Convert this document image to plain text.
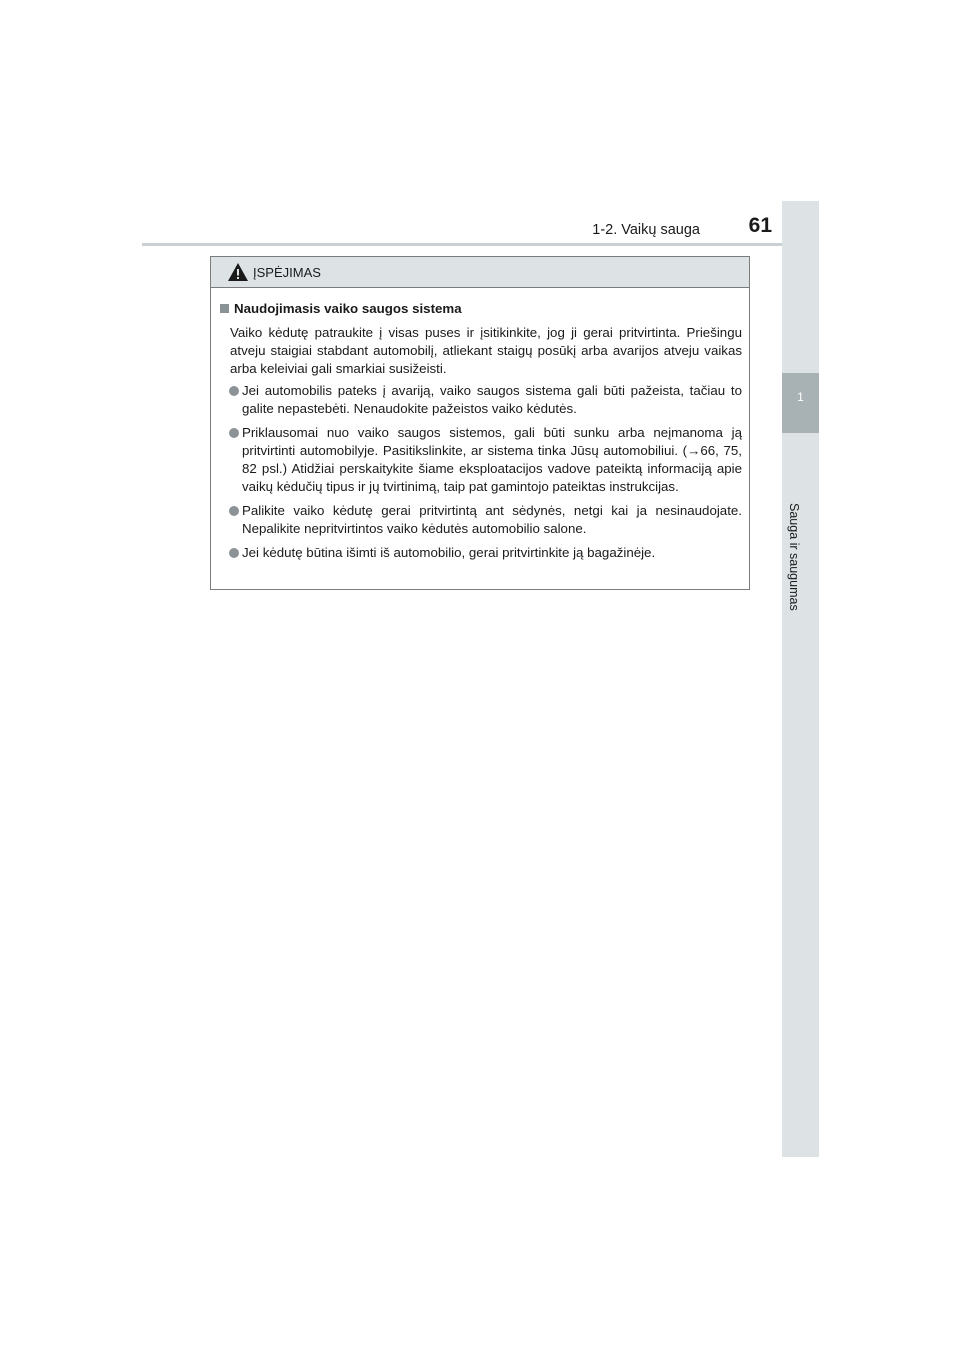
1-2. Vaikų sauga	61
1
Sauga ir saugumas
ĮSPĖJIMAS
Naudojimasis vaiko saugos sistema

Vaiko kėdutę patraukite į visas puses ir įsitikinkite, jog ji gerai pritvirtinta. Priešingu atveju staigiai stabdant automobilį, atliekant staigų posūkį arba avarijos atveju vaikas arba keleiviai gali smarkiai susižeisti.

Jei automobilis pateks į avariją, vaiko saugos sistema gali būti pažeista, tačiau to galite nepastebėti. Nenaudokite pažeistos vaiko kėdutės.
Priklausomai nuo vaiko saugos sistemos, gali būti sunku arba neįmanoma ją pritvirtinti automobilyje. Pasitikslinkite, ar sistema tinka Jūsų automobiliui. (→66, 75, 82 psl.) Atidžiai perskaitykite šiame eksploatacijos vadove pateiktą informaciją apie vaikų kėdučių tipus ir jų tvirtinimą, taip pat gamintojo pateiktas instrukcijas.
Palikite vaiko kėdutę gerai pritvirtintą ant sėdynės, netgi kai ja nesinaudojate. Nepalikite nepritvirtintos vaiko kėdutės automobilio salone.
Jei kėdutę būtina išimti iš automobilio, gerai pritvirtinkite ją bagažinėje.
